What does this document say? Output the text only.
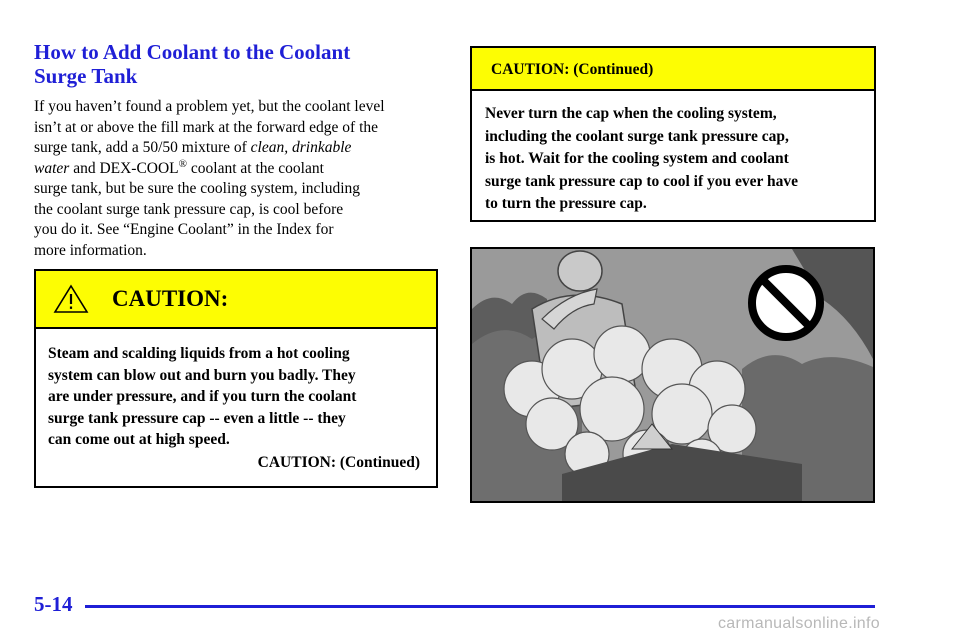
How to Add Coolant to the Coolant
Surge Tank

If you haven’t found a problem yet, but the coolant level
isn’t at or above the fill mark at the forward edge of the
surge tank, add a 50/50 mixture of clean, drinkable
water and DEX-COOL® coolant at the coolant
surge tank, but be sure the cooling system, including
the coolant surge tank pressure cap, is cool before
you do it. See “Engine Coolant” in the Index for
more information.

CAUTION:
Steam and scalding liquids from a hot cooling
system can blow out and burn you badly. They
are under pressure, and if you turn the coolant
surge tank pressure cap -- even a little -- they
can come out at high speed.
CAUTION: (Continued)
CAUTION: (Continued)
Never turn the cap when the cooling system,
including the coolant surge tank pressure cap,
is hot. Wait for the cooling system and coolant
surge tank pressure cap to cool if you ever have
to turn the pressure cap.
5-14
carmanualsonline.info
